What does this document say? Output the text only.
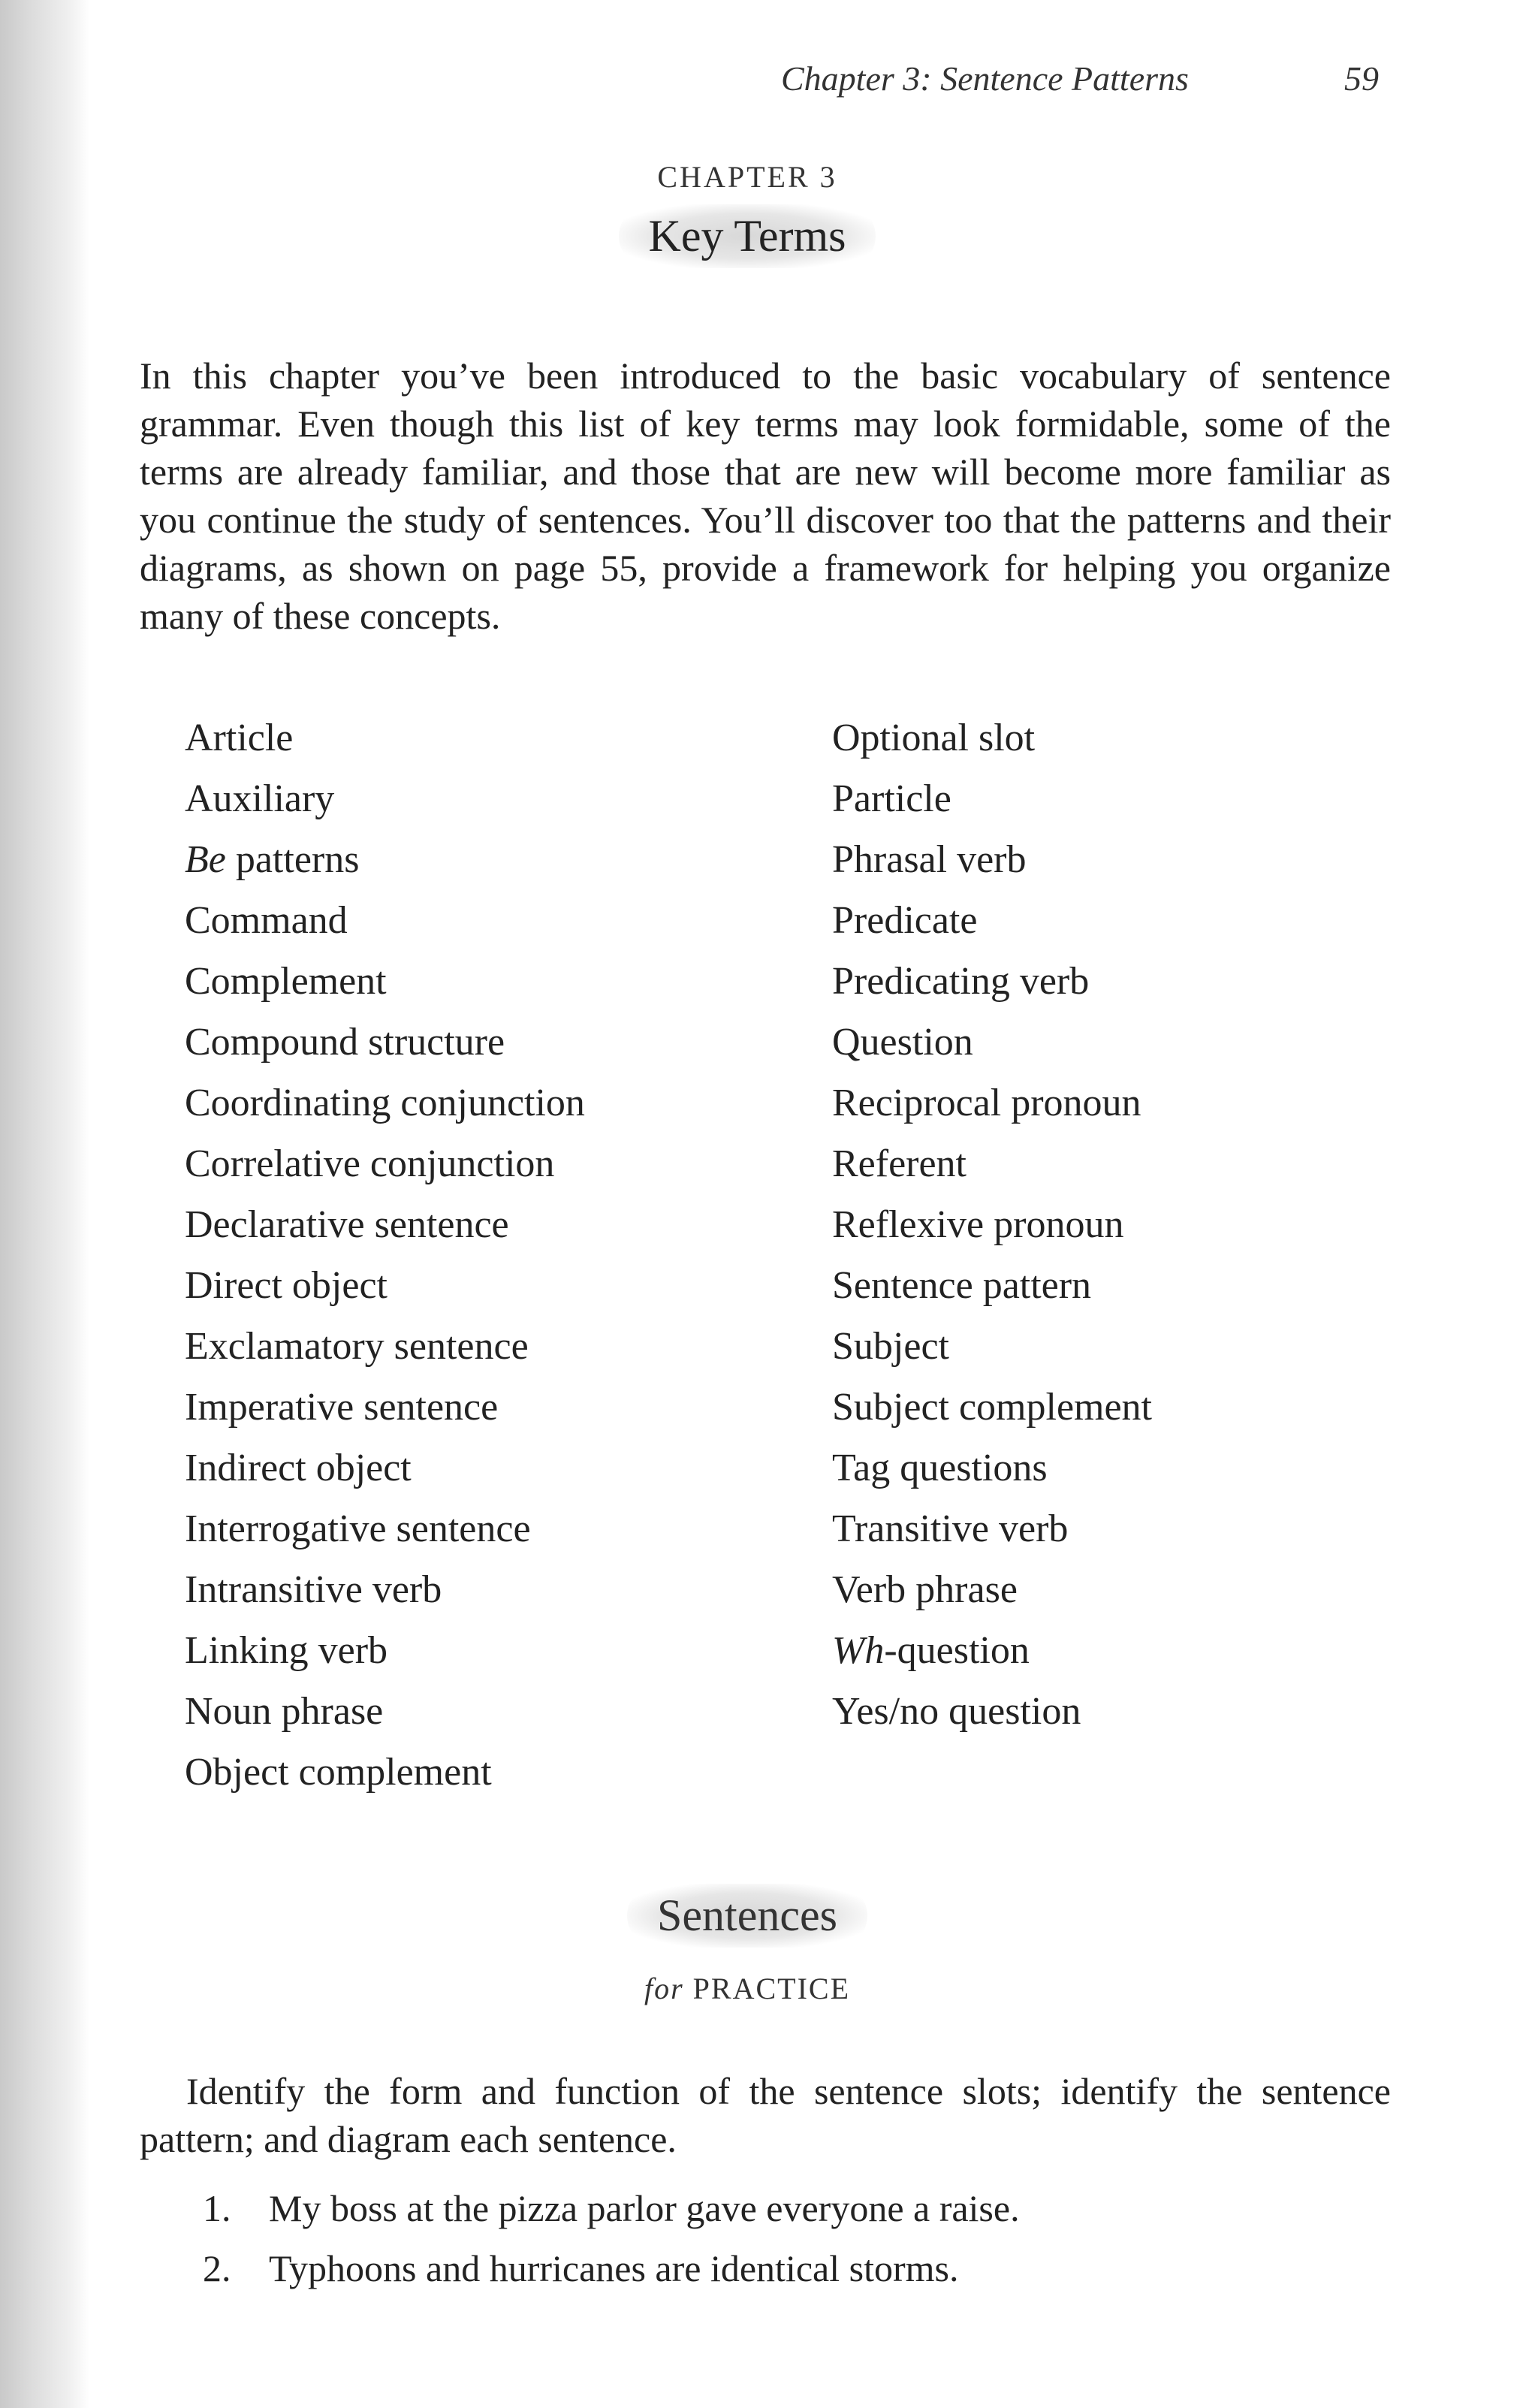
Chapter 3: Sentence Patterns	59
CHAPTER 3
Key Terms

In this chapter you’ve been introduced to the basic vocabulary of sentence grammar. Even though this list of key terms may look formidable, some of the terms are already familiar, and those that are new will become more familiar as you continue the study of sentences. You’ll discover too that the patterns and their diagrams, as shown on page 55, provide a framework for helping you organize many of these concepts.

Article
Auxiliary
Be patterns
Command
Complement
Compound structure
Coordinating conjunction
Correlative conjunction
Declarative sentence
Direct object
Exclamatory sentence
Imperative sentence
Indirect object
Interrogative sentence
Intransitive verb
Linking verb
Noun phrase
Object complement
Optional slot
Particle
Phrasal verb
Predicate
Predicating verb
Question
Reciprocal pronoun
Referent
Reflexive pronoun
Sentence pattern
Subject
Subject complement
Tag questions
Transitive verb
Verb phrase
Wh-question
Yes/no question
Sentences
for PRACTICE

Identify the form and function of the sentence slots; identify the sentence pattern; and diagram each sentence.

1. My boss at the pizza parlor gave everyone a raise.
2. Typhoons and hurricanes are identical storms.
